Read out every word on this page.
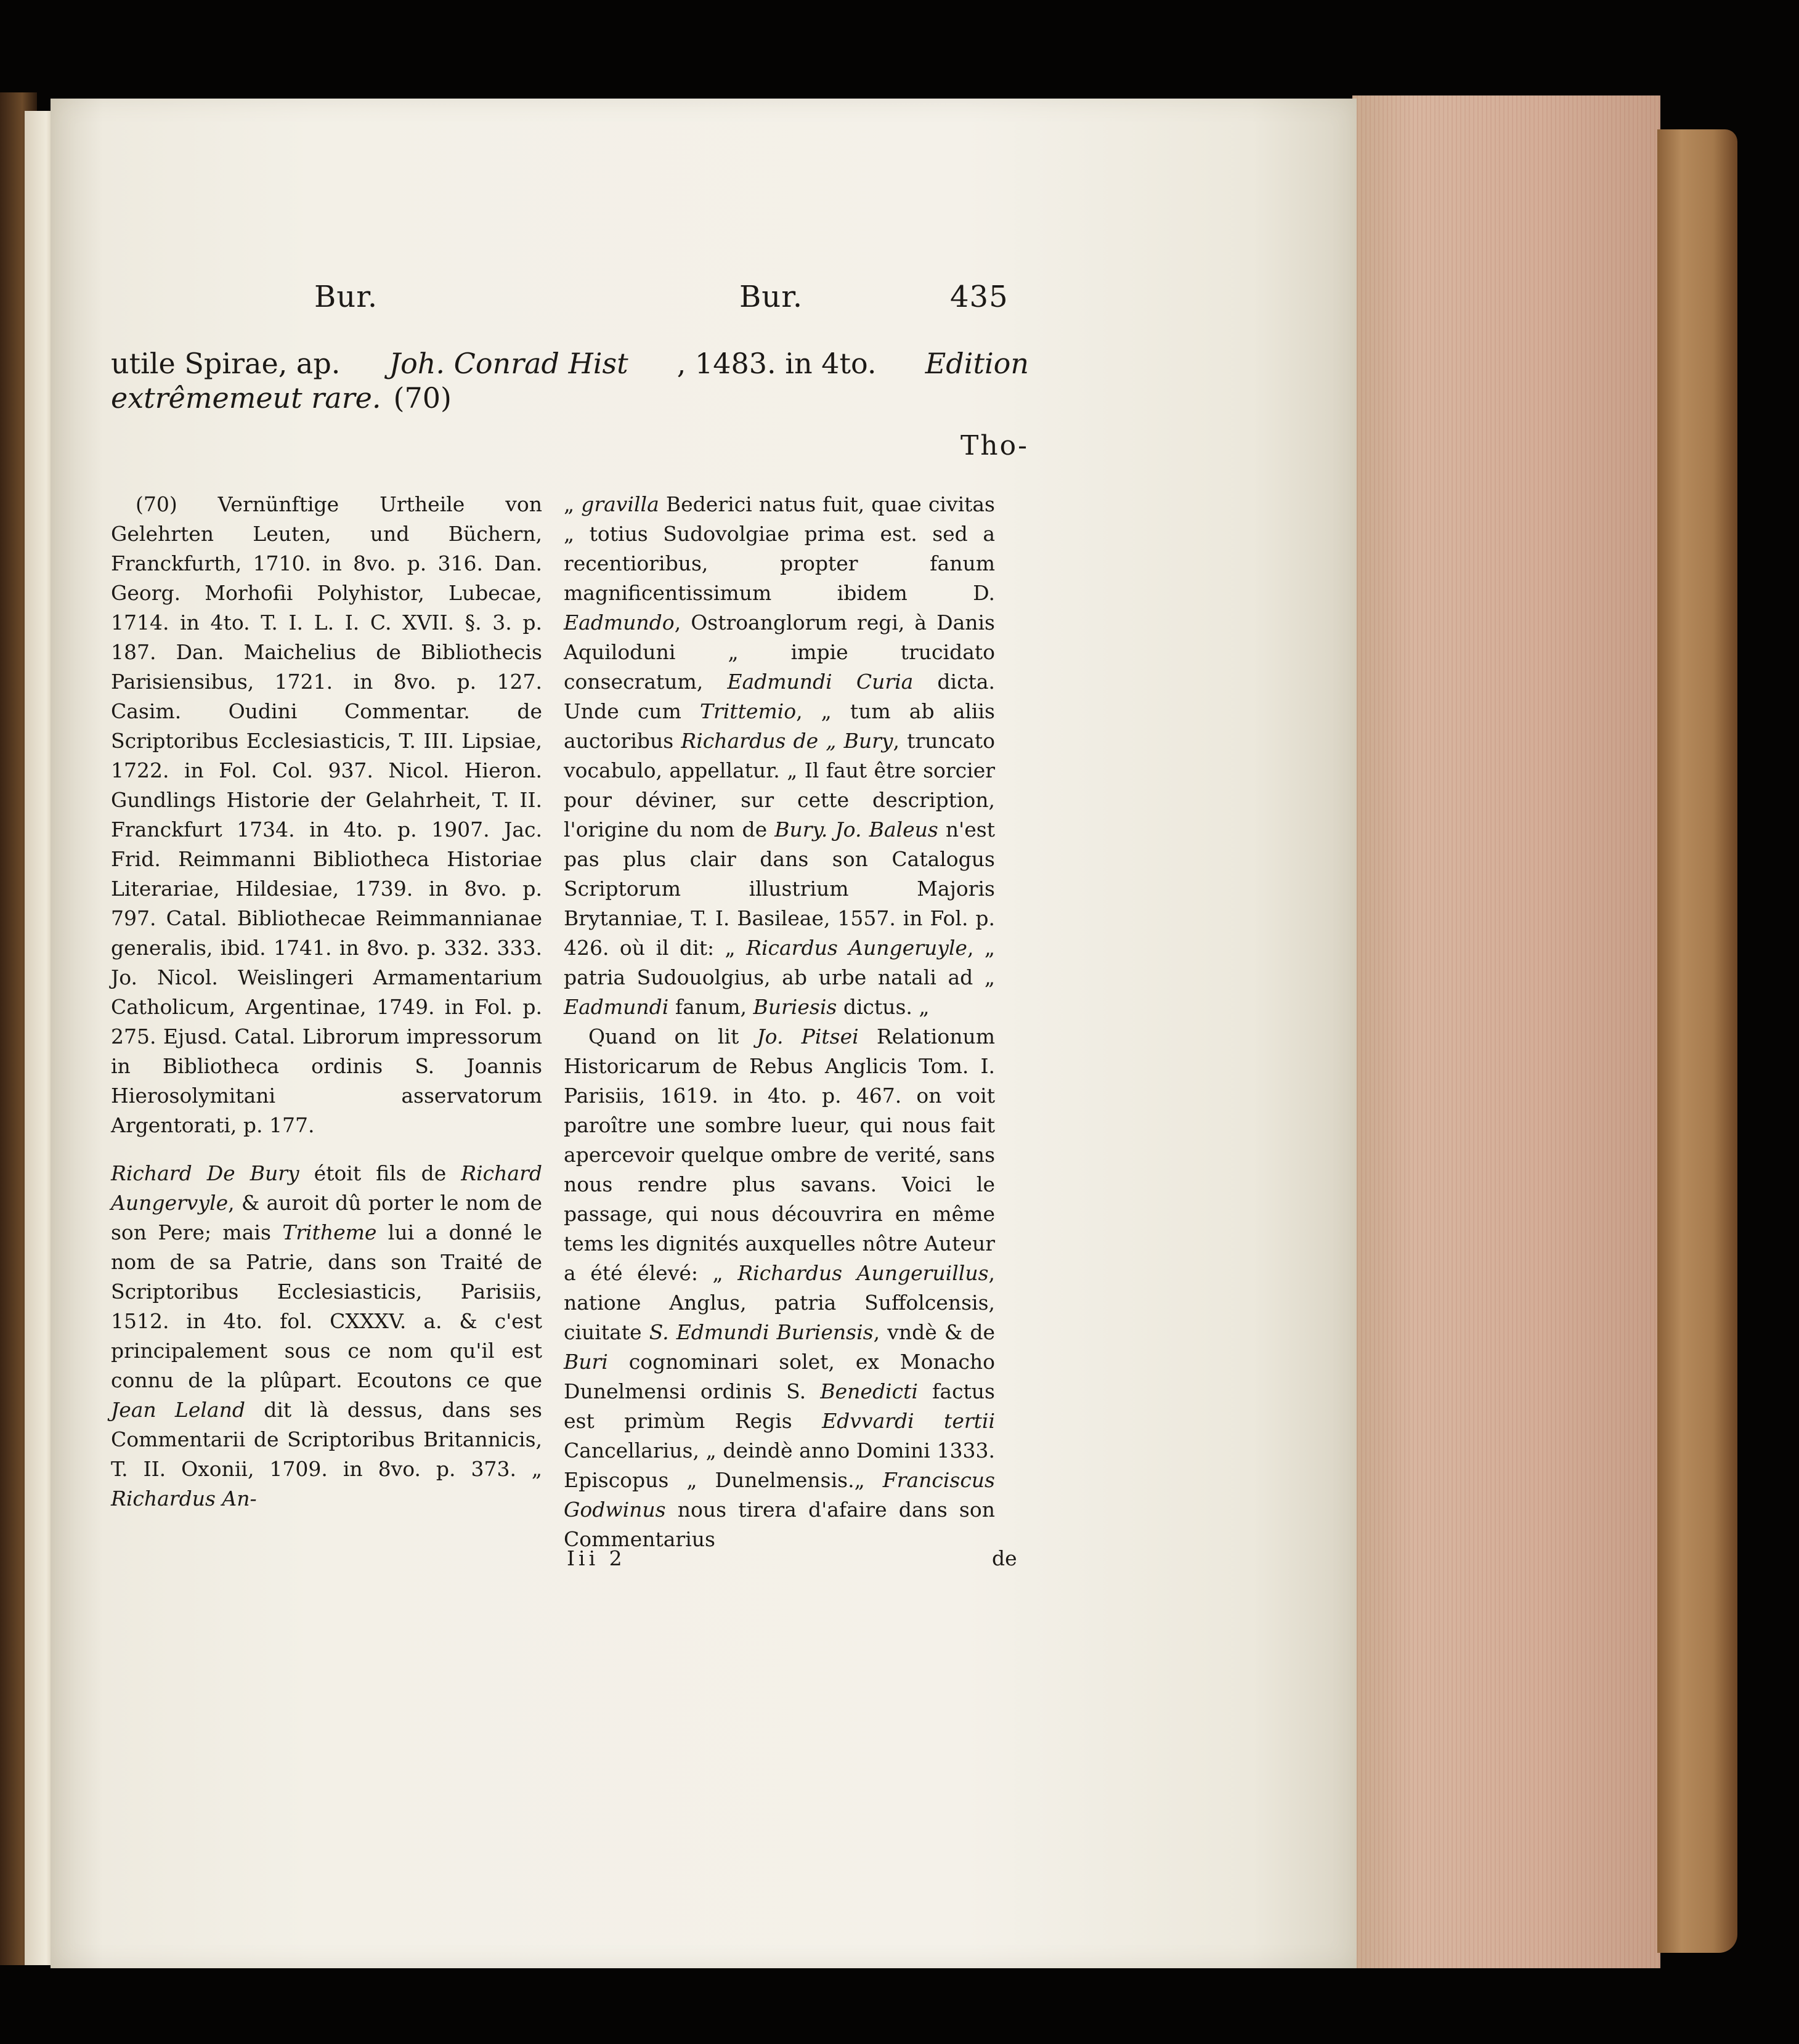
Bur.	Bur.	435
utile Spirae, ap. Joh. Conrad Hist , 1483. in 4to. Edition
extrêmemeut rare. (70)
Tho-

(70) Vernünftige Urtheile von Gelehrten Leuten, und Büchern, Franckfurth, 1710. in 8vo. p. 316. Dan. Georg. Morhofii Polyhistor, Lubecae, 1714. in 4to. T. I. L. I. C. XVII. §. 3. p. 187. Dan. Maichelius de Bibliothecis Parisiensibus, 1721. in 8vo. p. 127. Casim. Oudini Commentar. de Scriptoribus Ecclesiasticis, T. III. Lipsiae, 1722. in Fol. Col. 937. Nicol. Hieron. Gundlings Historie der Gelahrheit, T. II. Franckfurt 1734. in 4to. p. 1907. Jac. Frid. Reimmanni Bibliotheca Historiae Literariae, Hildesiae, 1739. in 8vo. p. 797. Catal. Bibliothecae Reimmannianae generalis, ibid. 1741. in 8vo. p. 332. 333. Jo. Nicol. Weislingeri Armamentarium Catholicum, Argentinae, 1749. in Fol. p. 275. Ejusd. Catal. Librorum impressorum in Bibliotheca ordinis S. Joannis Hierosolymitani asservatorum Argentorati, p. 177.

Richard De Bury étoit fils de Richard Aungervyle, & auroit dû porter le nom de son Pere; mais Tritheme lui a donné le nom de sa Patrie, dans son Traité de Scriptoribus Ecclesiasticis, Parisiis, 1512. in 4to. fol. CXXXV. a. & c'est principalement sous ce nom qu'il est connu de la plûpart. Ecoutons ce que Jean Leland dit là dessus, dans ses Commentarii de Scriptoribus Britannicis, T. II. Oxonii, 1709. in 8vo. p. 373. „ Richardus An-

„ gravilla Bederici natus fuit, quae civitas „ totius Sudovolgiae prima est. sed a recentioribus, propter fanum magnificentissimum ibidem D. Eadmundo, Ostroanglorum regi, à Danis Aquiloduni „ impie trucidato consecratum, Eadmundi Curia dicta. Unde cum Trittemio, „ tum ab aliis auctoribus Richardus de „ Bury, truncato vocabulo, appellatur. „ Il faut être sorcier pour déviner, sur cette description, l'origine du nom de Bury. Jo. Baleus n'est pas plus clair dans son Catalogus Scriptorum illustrium Majoris Brytanniae, T. I. Basileae, 1557. in Fol. p. 426. où il dit: „ Ricardus Aungeruyle, „ patria Sudouolgius, ab urbe natali ad „ Eadmundi fanum, Buriesis dictus. „

Quand on lit Jo. Pitsei Relationum Historicarum de Rebus Anglicis Tom. I. Parisiis, 1619. in 4to. p. 467. on voit paroître une sombre lueur, qui nous fait apercevoir quelque ombre de verité, sans nous rendre plus savans. Voici le passage, qui nous découvrira en même tems les dignités auxquelles nôtre Auteur a été élevé: „ Richardus Aungeruillus, natione Anglus, patria Suffolcensis, ciuitate S. Edmundi Buriensis, vndè & de Buri cognominari solet, ex Monacho Dunelmensi ordinis S. Benedicti factus est primùm Regis Edvvardi tertii Cancellarius, „ deindè anno Domini 1333. Episcopus „ Dunelmensis.„ Franciscus Godwinus nous tirera d'afaire dans son Commentarius

Iii 2	de
